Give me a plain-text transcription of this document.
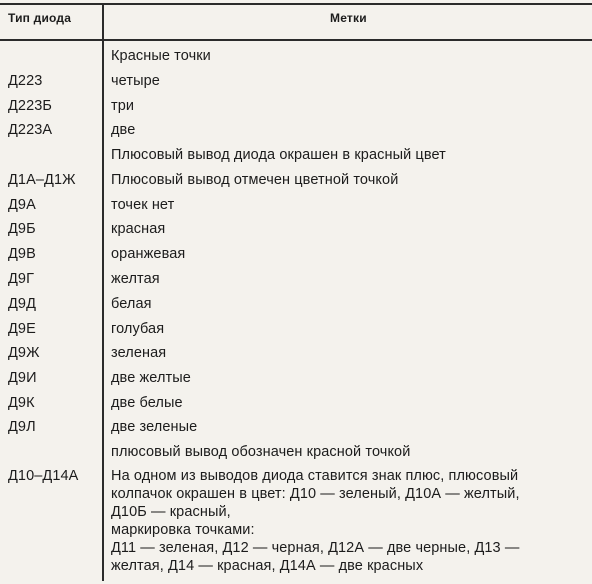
Тип диода	Метки
Красные точки
Д223	четыре
Д223Б	три
Д223А	две
Плюсовый вывод диода окрашен в красный цвет
Д1А–Д1Ж Плюсовый вывод отмечен цветной точкой
Д9А	точек нет
Д9Б	красная
Д9В	оранжевая
Д9Г	желтая
Д9Д	белая
Д9Е	голубая
Д9Ж	зеленая
Д9И	две желтые
Д9К	две белые
Д9Л	две зеленые
плюсовый вывод обозначен красной точкой
Д10–Д14А На одном из выводов диода ставится знак плюс, плюсовый
колпачок окрашен в цвет: Д10 — зеленый, Д10А — желтый,
Д10Б — красный,
маркировка точками:
Д11 — зеленая, Д12 — черная, Д12А — две черные, Д13 —
желтая, Д14 — красная, Д14А — две красных
